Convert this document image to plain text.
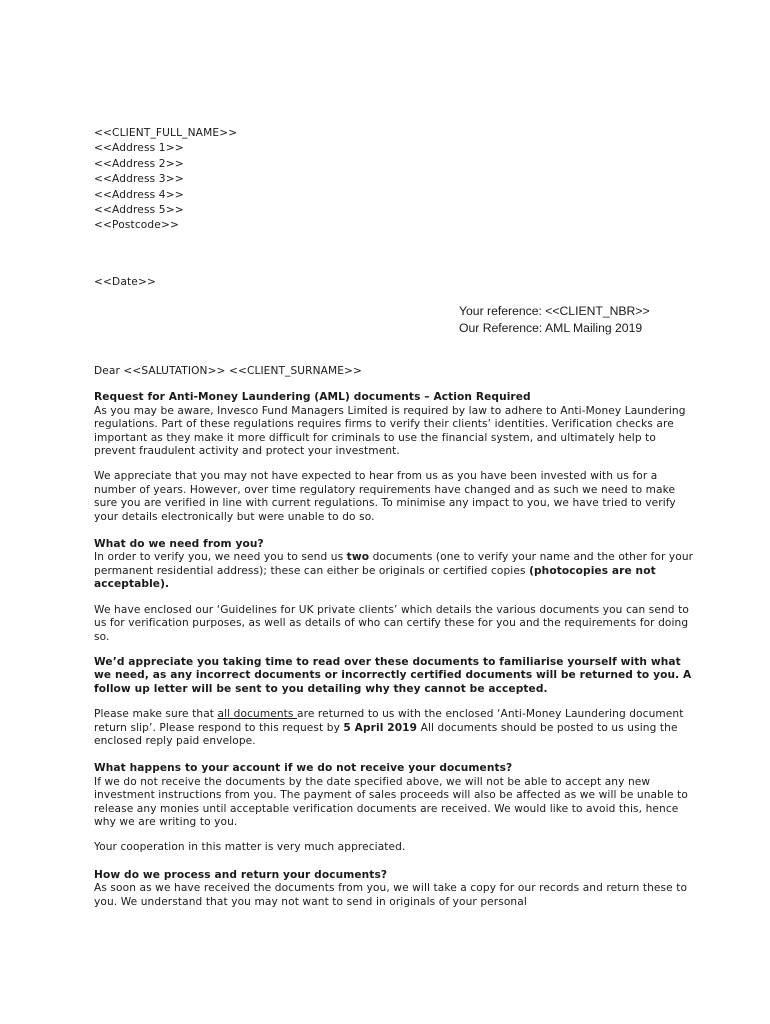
<<CLIENT_FULL_NAME>>
<<Address 1>>
<<Address 2>>
<<Address 3>>
<<Address 4>>
<<Address 5>>
<<Postcode>>
<<Date>>
Your reference: <<CLIENT_NBR>>
Our Reference: AML Mailing 2019

Dear <<SALUTATION>> <<CLIENT_SURNAME>>

Request for Anti-Money Laundering (AML) documents – Action Required

As you may be aware, Invesco Fund Managers Limited is required by law to adhere to Anti-Money Laundering regulations. Part of these regulations requires firms to verify their clients’ identities. Verification checks are important as they make it more difficult for criminals to use the financial system, and ultimately help to prevent fraudulent activity and protect your investment.

We appreciate that you may not have expected to hear from us as you have been invested with us for a number of years. However, over time regulatory requirements have changed and as such we need to make sure you are verified in line with current regulations. To minimise any impact to you, we have tried to verify your details electronically but were unable to do so.

What do we need from you?

In order to verify you, we need you to send us two documents (one to verify your name and the other for your permanent residential address); these can either be originals or certified copies (photocopies are not acceptable).

We have enclosed our ‘Guidelines for UK private clients’ which details the various documents you can send to us for verification purposes, as well as details of who can certify these for you and the requirements for doing so.

We’d appreciate you taking time to read over these documents to familiarise yourself with what we need, as any incorrect documents or incorrectly certified documents will be returned to you. A follow up letter will be sent to you detailing why they cannot be accepted.

Please make sure that all documents are returned to us with the enclosed ‘Anti-Money Laundering document return slip’. Please respond to this request by 5 April 2019 All documents should be posted to us using the enclosed reply paid envelope.

What happens to your account if we do not receive your documents?

If we do not receive the documents by the date specified above, we will not be able to accept any new investment instructions from you. The payment of sales proceeds will also be affected as we will be unable to release any monies until acceptable verification documents are received. We would like to avoid this, hence why we are writing to you.

Your cooperation in this matter is very much appreciated.

How do we process and return your documents?

As soon as we have received the documents from you, we will take a copy for our records and return these to you. We understand that you may not want to send in originals of your personal
